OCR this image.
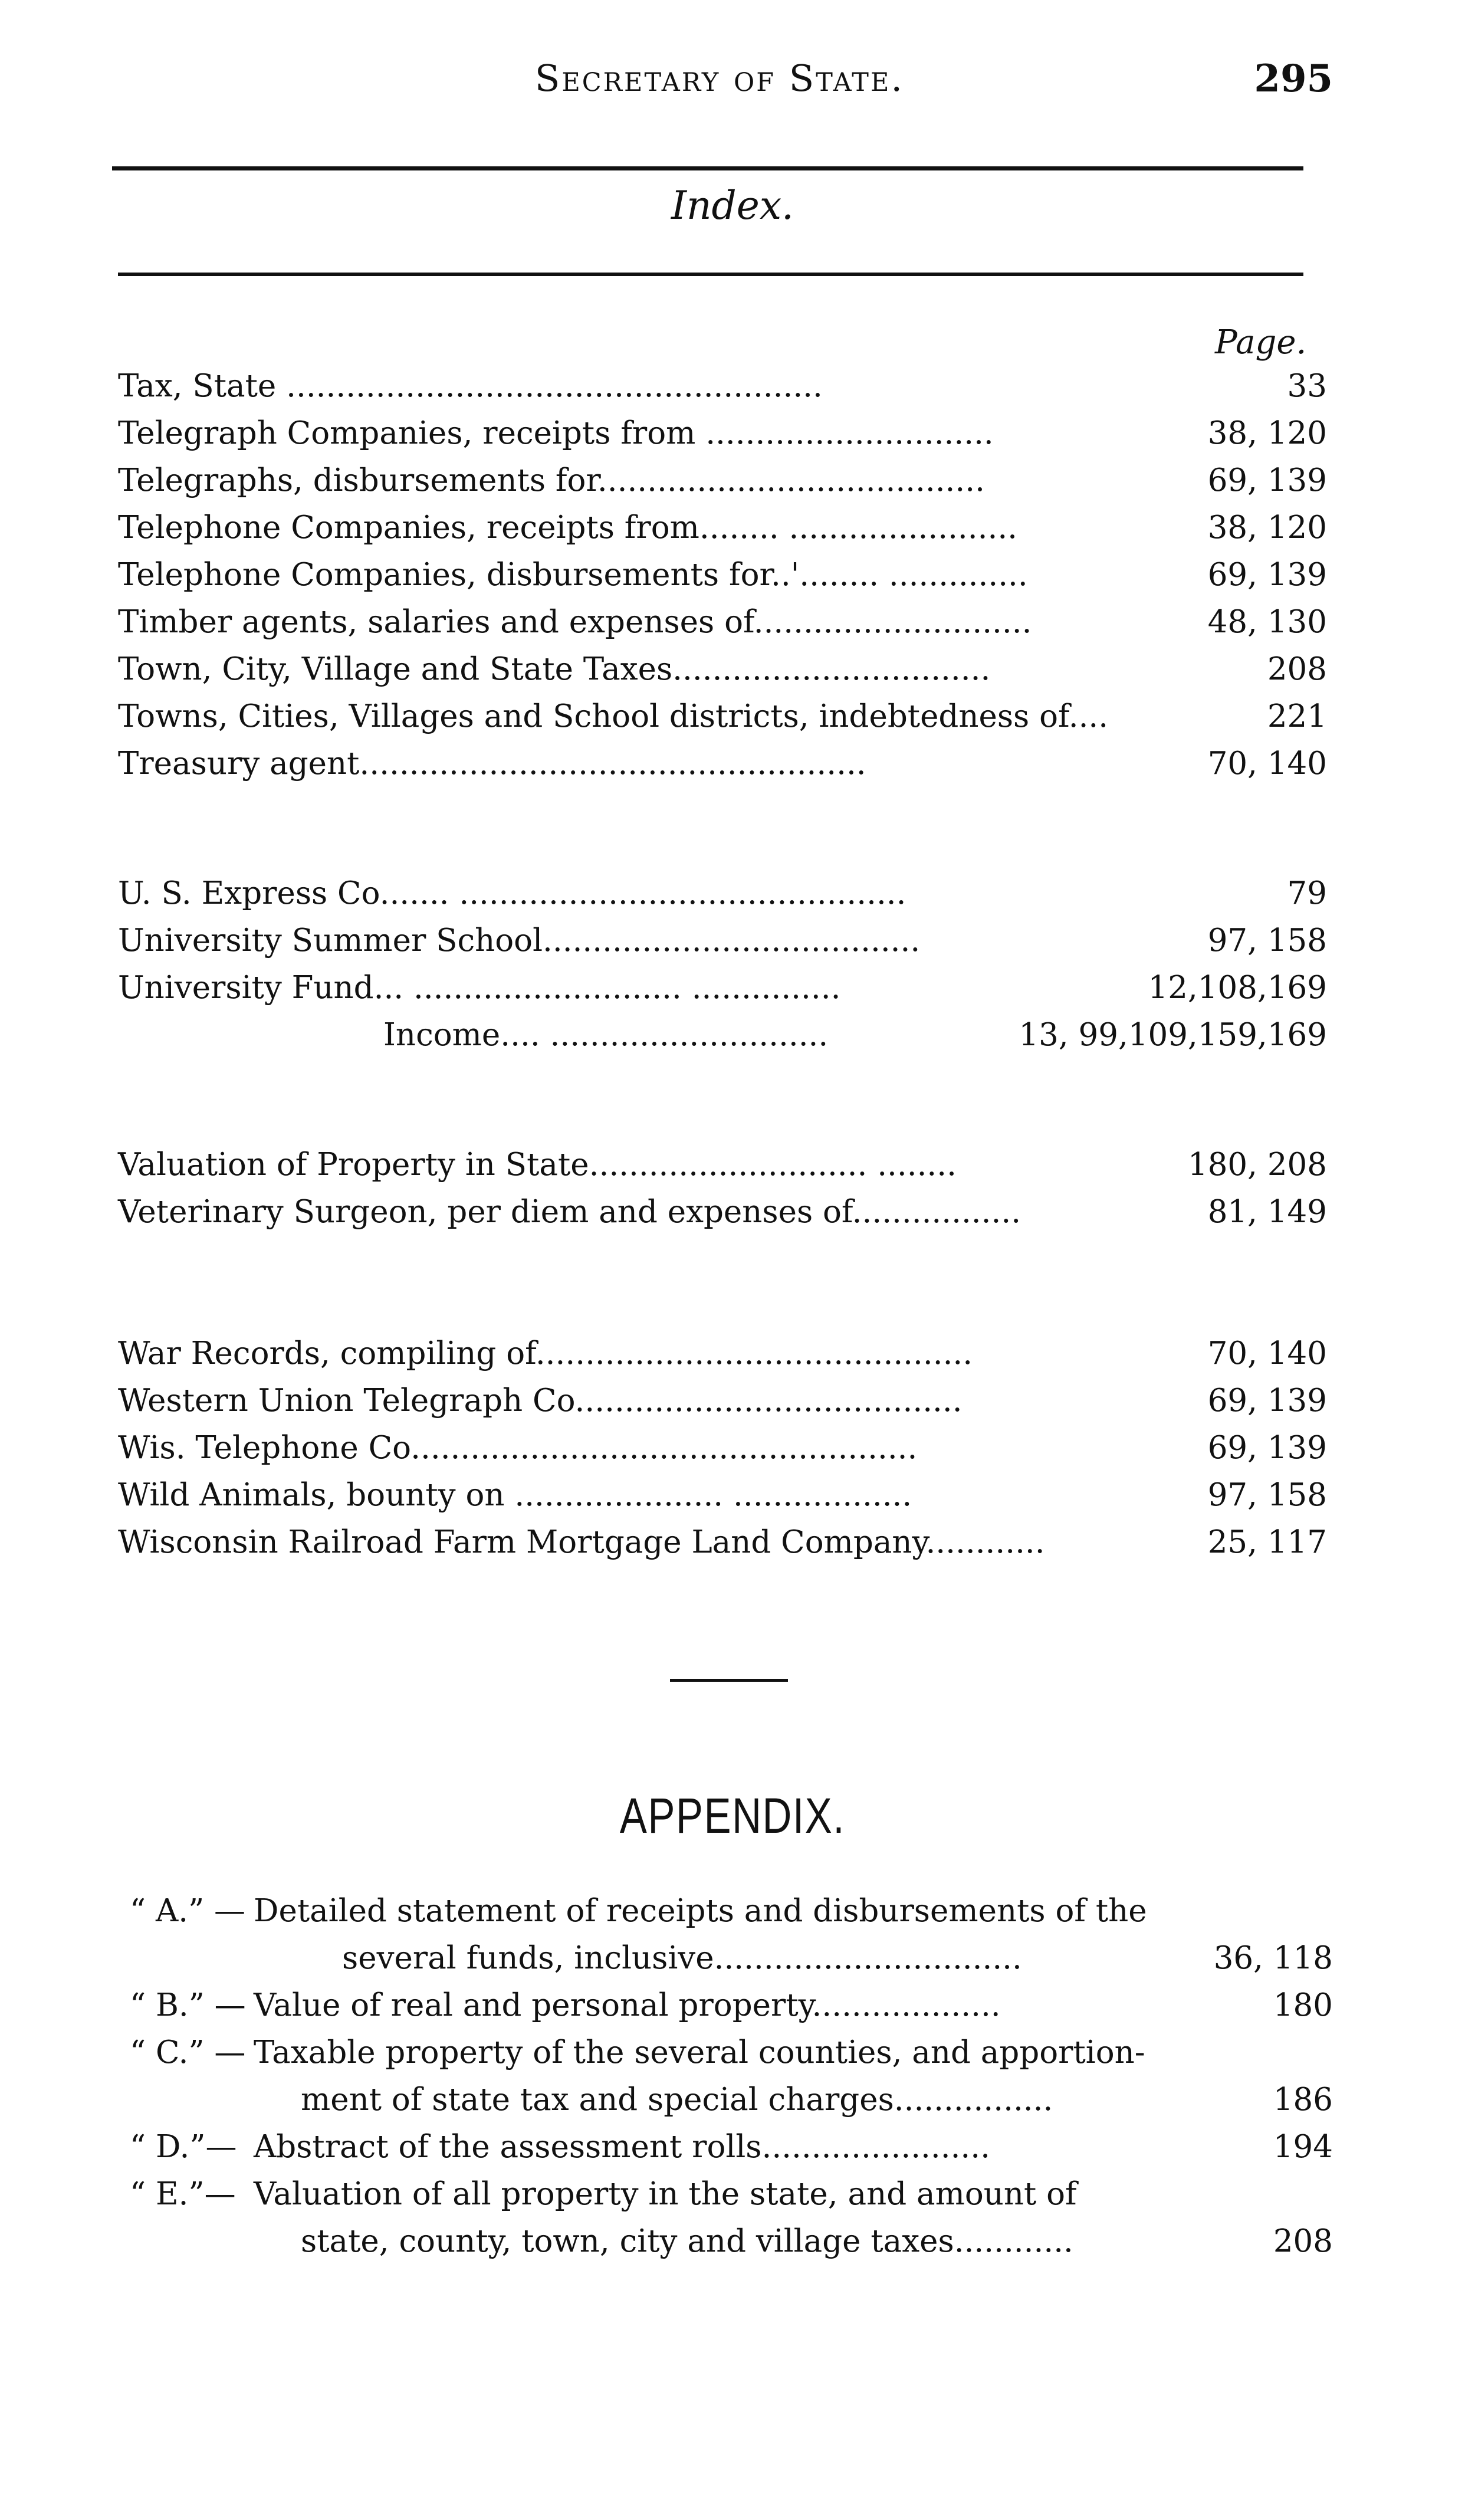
Secretary of State.	295
Index.
Page.
Tax, State ......................................................	33
Telegraph Companies, receipts from .............................	38, 120
Telegraphs, disbursements for.......................................	69, 139
Telephone Companies, receipts from........ .......................	38, 120
Telephone Companies, disbursements for..'........ ..............	69, 139
Timber agents, salaries and expenses of............................	48, 130
Town, City, Village and State Taxes................................	208
Towns, Cities, Villages and School districts, indebtedness of....	221
Treasury agent...................................................	70, 140
U. S. Express Co....... .............................................	79
University Summer School......................................	97, 158
University Fund... ........................... ...............	12,108,169
Income.... ............................	13, 99,109,159,169
Valuation of Property in State............................ ........	180, 208
Veterinary Surgeon, per diem and expenses of.................	81, 149
War Records, compiling of............................................	70, 140
Western Union Telegraph Co.......................................	69, 139
Wis. Telephone Co...................................................	69, 139
Wild Animals, bounty on ..................... ..................	97, 158
Wisconsin Railroad Farm Mortgage Land Company............	25, 117
APPENDIX.
“ A.” — Detailed statement of receipts and disbursements of the
several funds, inclusive...............................	36, 118
“ B.” — Value of real and personal property...................	180
“ C.” — Taxable property of the several counties, and apportion-
ment of state tax and special charges................	186
“ D.”— Abstract of the assessment rolls.......................	194
“ E.”— Valuation of all property in the state, and amount of
state, county, town, city and village taxes............	208
